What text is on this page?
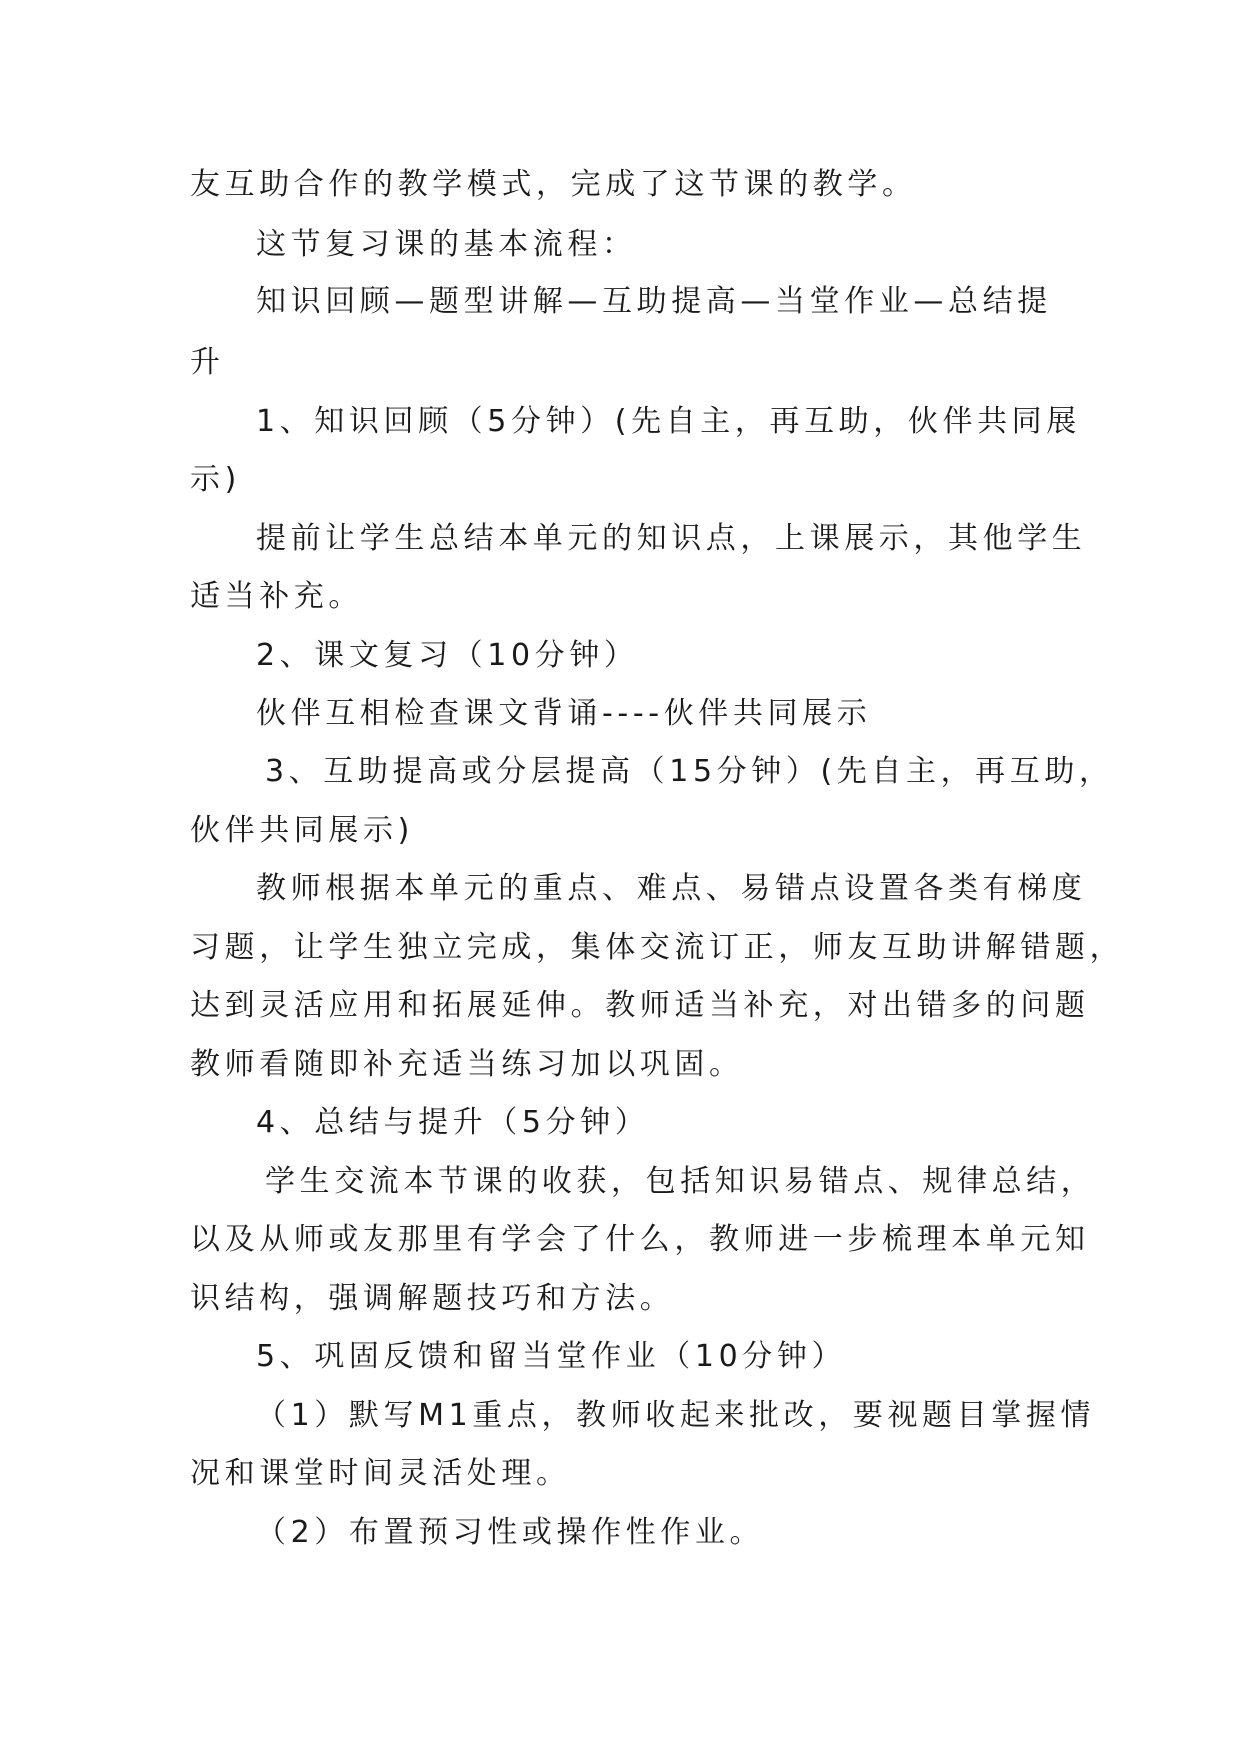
友互助合作的教学模式，完成了这节课的教学。
这节复习课的基本流程：
知识回顾—题型讲解—互助提高—当堂作业—总结提
升
1、知识回顾（5分钟）(先自主，再互助，伙伴共同展
示)
提前让学生总结本单元的知识点，上课展示，其他学生
适当补充。
2、课文复习（10分钟）
伙伴互相检查课文背诵----伙伴共同展示
3、互助提高或分层提高（15分钟）(先自主，再互助，
伙伴共同展示)
教师根据本单元的重点、难点、易错点设置各类有梯度
习题，让学生独立完成，集体交流订正，师友互助讲解错题，
达到灵活应用和拓展延伸。教师适当补充，对出错多的问题
教师看随即补充适当练习加以巩固。
4、总结与提升（5分钟）
学生交流本节课的收获，包括知识易错点、规律总结，
以及从师或友那里有学会了什么，教师进一步梳理本单元知
识结构，强调解题技巧和方法。
5、巩固反馈和留当堂作业（10分钟）
（1）默写M1重点，教师收起来批改，要视题目掌握情
况和课堂时间灵活处理。
（2）布置预习性或操作性作业。
